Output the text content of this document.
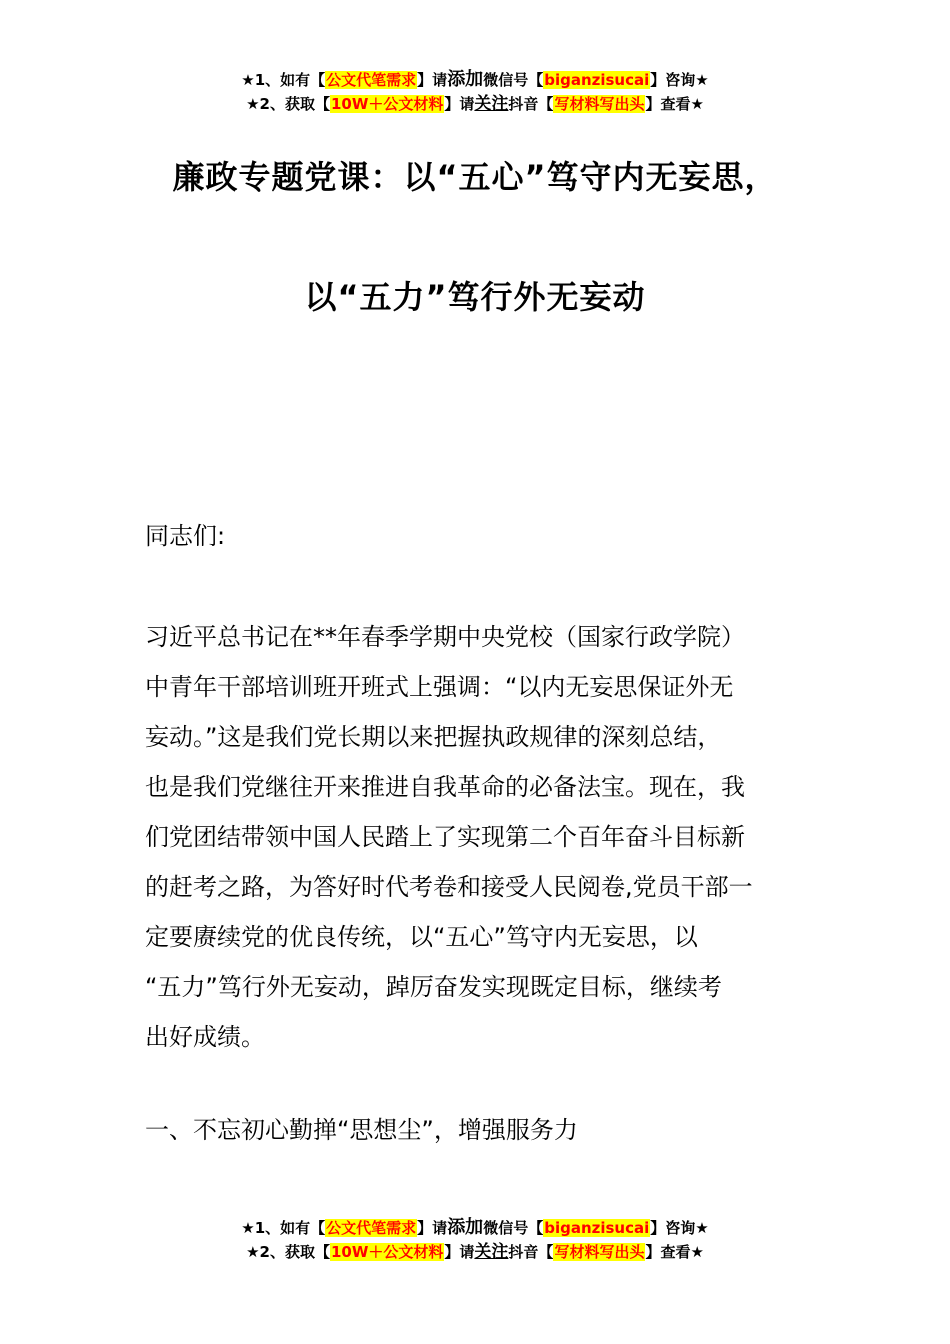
★1、如有【公文代笔需求】请添加微信号【biganzisucai】咨询★
★2、获取【10W＋公文材料】请关注抖音【写材料写出头】查看★
廉政专题党课：以“五心”笃守内无妄思，
以“五力”笃行外无妄动
同志们:
习近平总书记在**年春季学期中央党校（国家行政学院）
中青年干部培训班开班式上强调：“以内无妄思保证外无
妄动。”这是我们党长期以来把握执政规律的深刻总结，
也是我们党继往开来推进自我革命的必备法宝。现在，我
们党团结带领中国人民踏上了实现第二个百年奋斗目标新
的赶考之路，为答好时代考卷和接受人民阅卷,党员干部一
定要赓续党的优良传统，以“五心”笃守内无妄思，以
“五力”笃行外无妄动，踔厉奋发实现既定目标，继续考
出好成绩。
一、不忘初心勤掸“思想尘”，增强服务力
★1、如有【公文代笔需求】请添加微信号【biganzisucai】咨询★
★2、获取【10W＋公文材料】请关注抖音【写材料写出头】查看★
